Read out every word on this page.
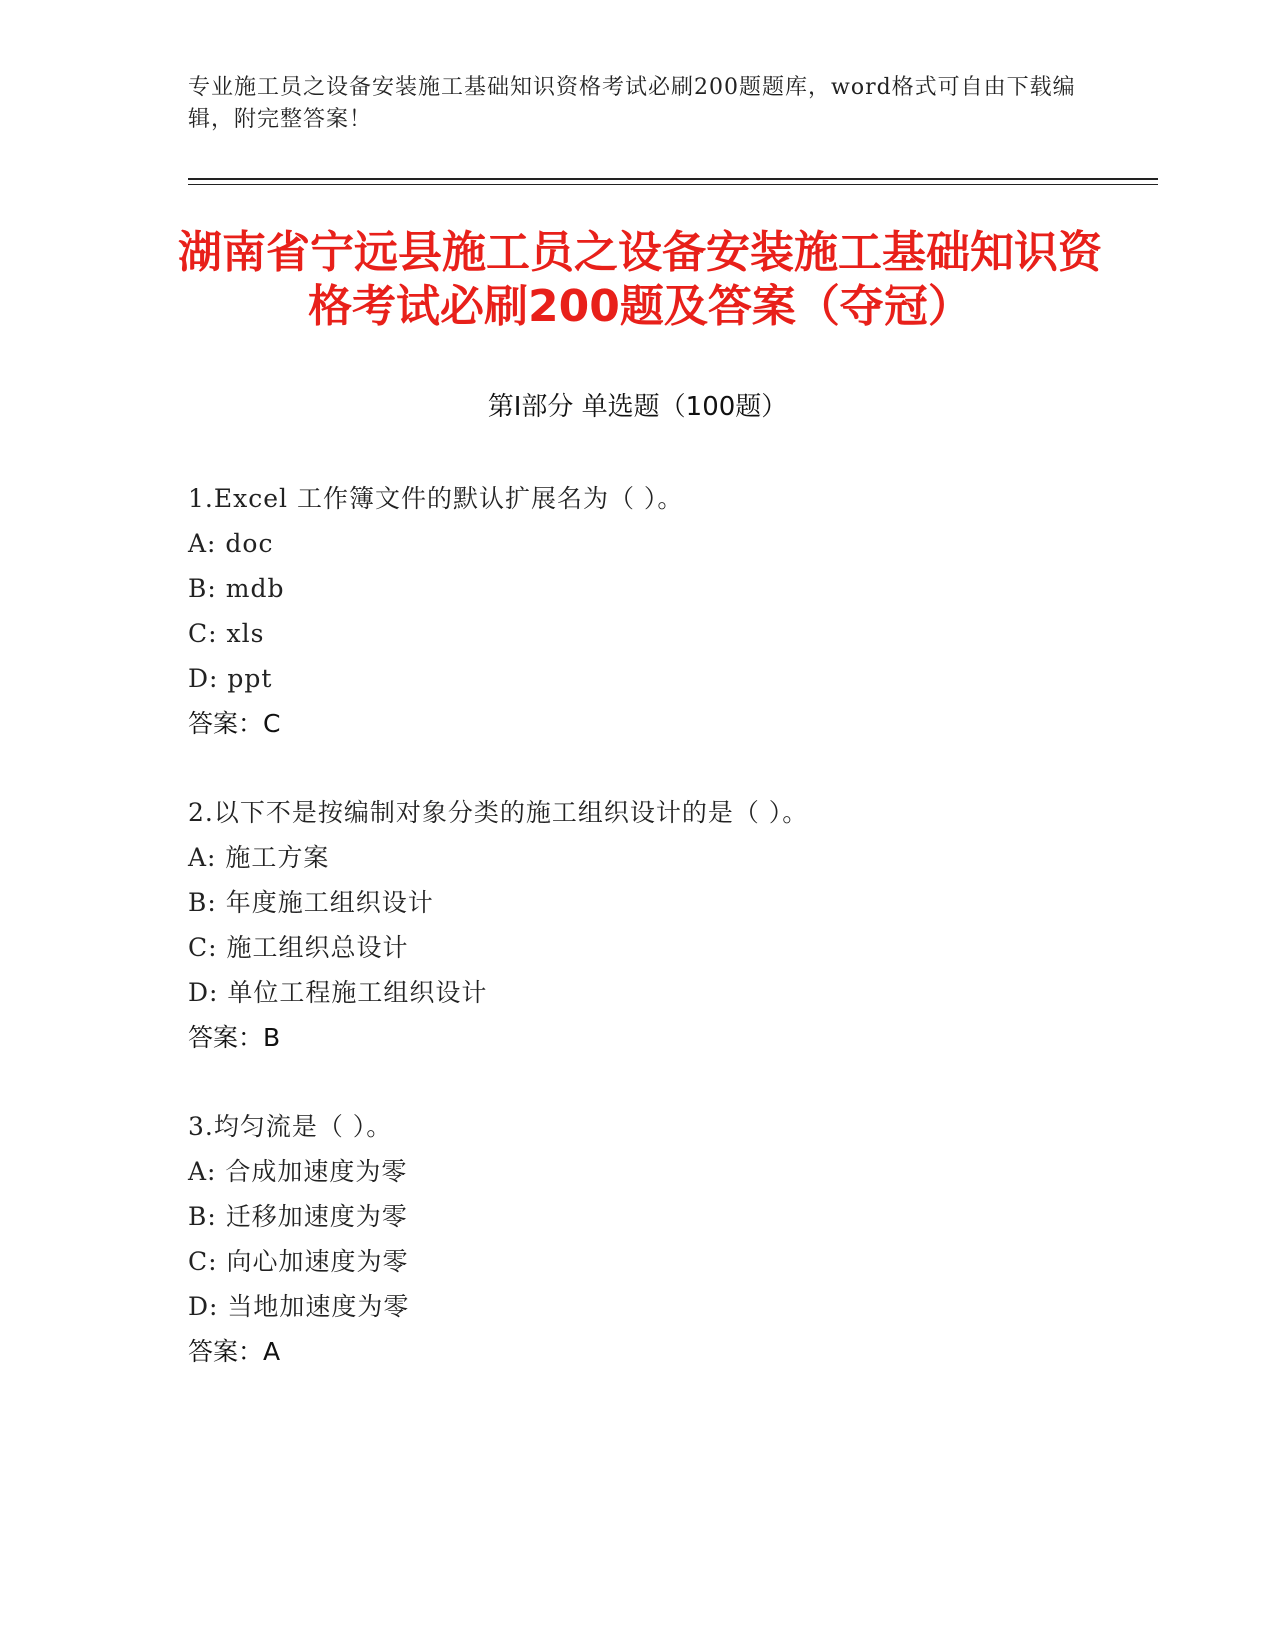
专业施工员之设备安装施工基础知识资格考试必刷200题题库，word格式可自由下载编辑，附完整答案！
湖南省宁远县施工员之设备安装施工基础知识资格考试必刷200题及答案（夺冠）
第Ⅰ部分 单选题（100题）
1.Excel 工作簿文件的默认扩展名为（ ）。
A: doc
B: mdb
C: xls
D: ppt
答案：C
2.以下不是按编制对象分类的施工组织设计的是（ ）。
A: 施工方案
B: 年度施工组织设计
C: 施工组织总设计
D: 单位工程施工组织设计
答案：B
3.均匀流是（ ）。
A: 合成加速度为零
B: 迁移加速度为零
C: 向心加速度为零
D: 当地加速度为零
答案：A
